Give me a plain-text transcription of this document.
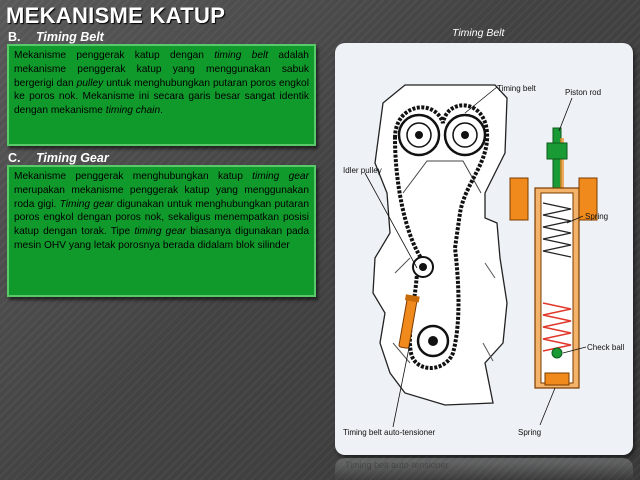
MEKANISME KATUP
B. Timing Belt

Mekanisme penggerak katup dengan timing belt adalah mekanisme penggerak katup yang menggunakan sabuk bergerigi dan pulley untuk menghubungkan putaran poros engkol ke poros nok. Mekanisme ini secara garis besar sangat identik dengan mekanisme timing chain.

C. Timing Gear

Mekanisme penggerak menghubungkan katup timing gear merupakan mekanisme penggerak katup yang menggunakan roda gigi. Timing gear digunakan untuk menghubungkan putaran poros engkol dengan poros nok, sekaligus menempatkan posisi katup dengan torak. Tipe timing gear biasanya digunakan pada mesin OHV yang letak porosnya berada didalam blok silinder

Timing Belt
Timing belt	Piston rod
Idler pulley
Spring
Check ball
Timing belt auto-tensioner	Spring
Timing belt auto-tensioner
